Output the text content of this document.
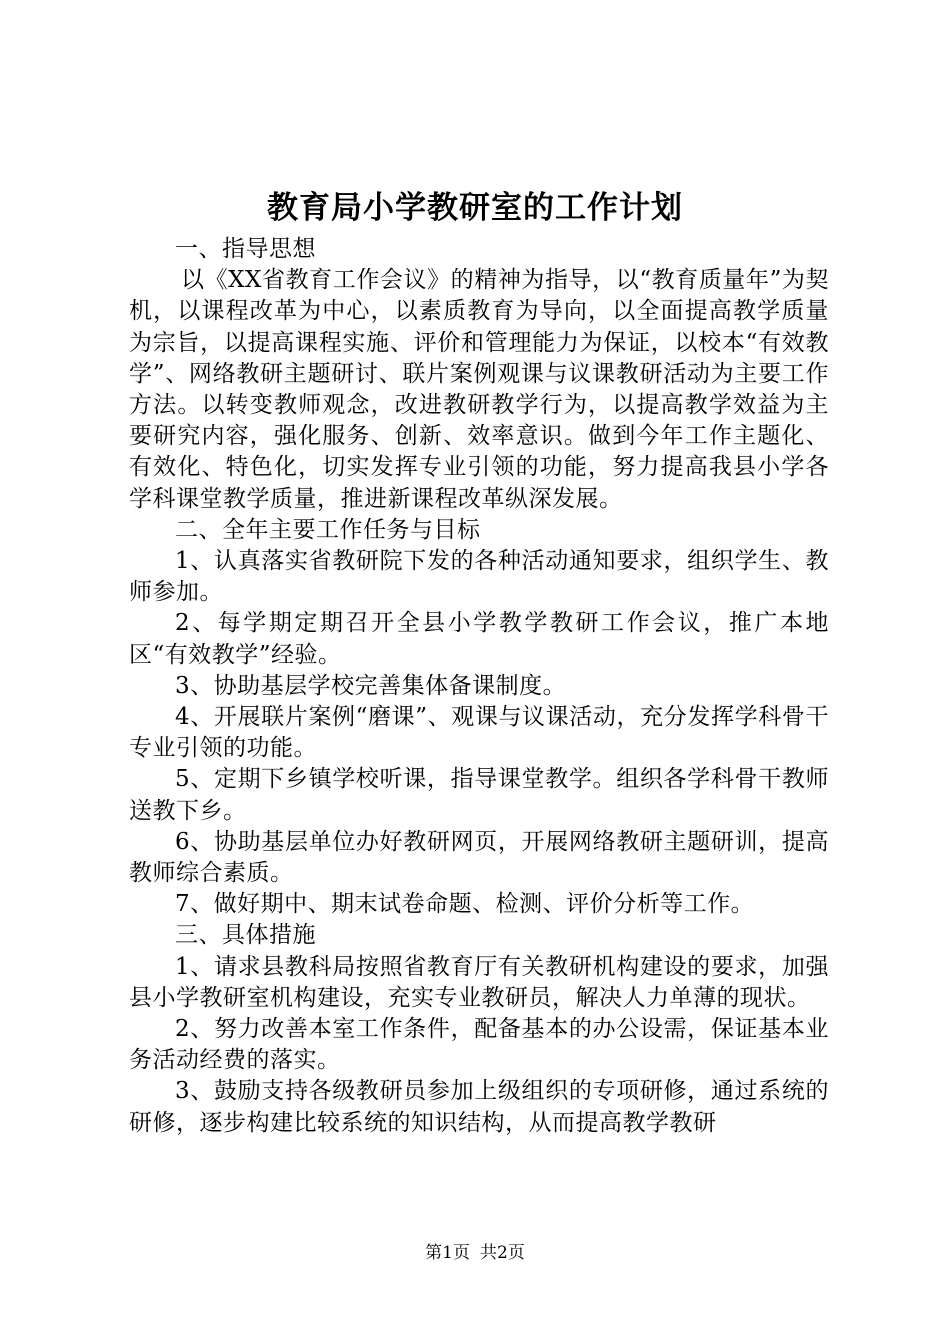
教育局小学教研室的工作计划

一、指导思想

以《XX省教育工作会议》的精神为指导，以“教育质量年”为契机，以课程改革为中心，以素质教育为导向，以全面提高教学质量为宗旨，以提高课程实施、评价和管理能力为保证，以校本“有效教学”、网络教研主题研讨、联片案例观课与议课教研活动为主要工作方法。以转变教师观念，改进教研教学行为，以提高教学效益为主要研究内容，强化服务、创新、效率意识。做到今年工作主题化、有效化、特色化，切实发挥专业引领的功能，努力提高我县小学各学科课堂教学质量，推进新课程改革纵深发展。

二、全年主要工作任务与目标

1、认真落实省教研院下发的各种活动通知要求，组织学生、教师参加。

2、每学期定期召开全县小学教学教研工作会议，推广本地区“有效教学”经验。

3、协助基层学校完善集体备课制度。

4、开展联片案例“磨课”、观课与议课活动，充分发挥学科骨干专业引领的功能。

5、定期下乡镇学校听课，指导课堂教学。组织各学科骨干教师送教下乡。

6、协助基层单位办好教研网页，开展网络教研主题研训，提高教师综合素质。

7、做好期中、期末试卷命题、检测、评价分析等工作。

三、具体措施

1、请求县教科局按照省教育厅有关教研机构建设的要求，加强县小学教研室机构建设，充实专业教研员，解决人力单薄的现状。

2、努力改善本室工作条件，配备基本的办公设需，保证基本业务活动经费的落实。

3、鼓励支持各级教研员参加上级组织的专项研修，通过系统的研修，逐步构建比较系统的知识结构，从而提高教学教研

第1页 共2页
